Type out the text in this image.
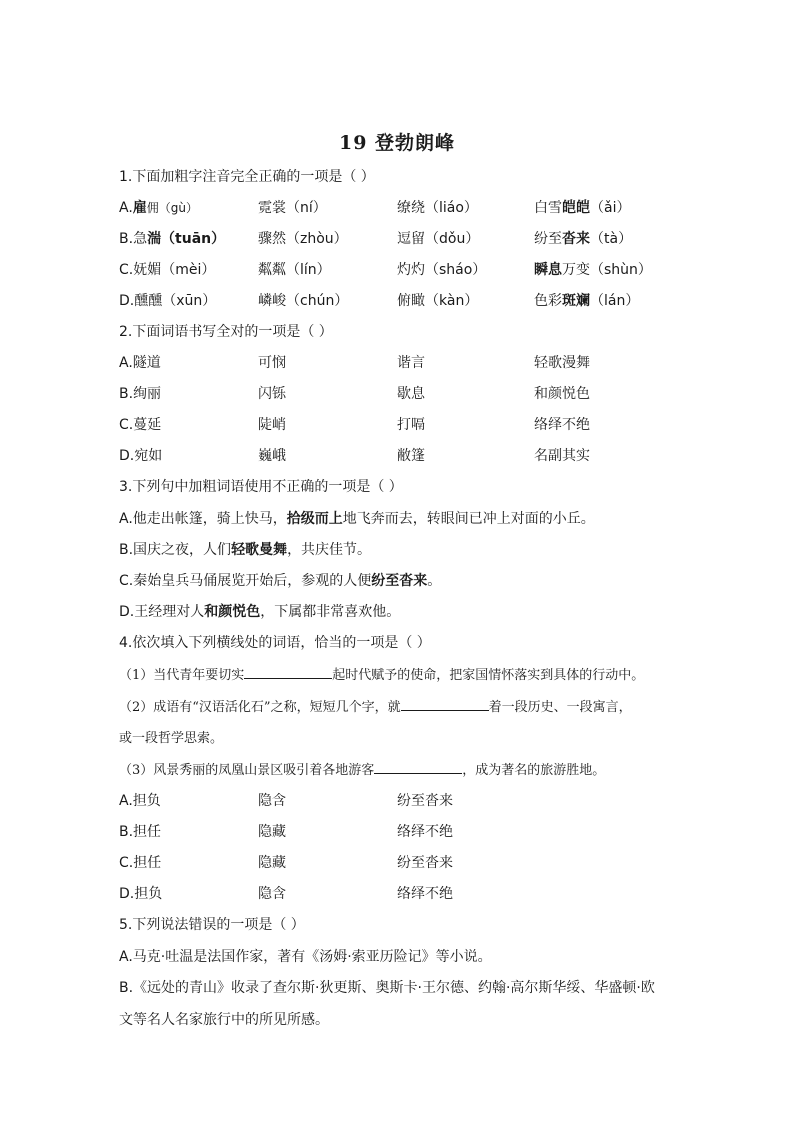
19 登勃朗峰
1.下面加粗字注音完全正确的一项是（ ）
A.雇佣（gù）	霓裳（ní）	缭绕（liáo）	白雪皑皑（ǎi）
B.急湍（tuān） 骤然（zhòu）	逗留（dǒu）	纷至沓来（tà）
C.妩媚（mèi）	粼粼（lín）	灼灼（sháo）	瞬息万变（shùn）
D.醺醺（xūn）	嶙峻（chún）	俯瞰（kàn）	色彩斑斓（lán）
2.下面词语书写全对的一项是（ ）
A.隧道	可悯	谐言	轻歌漫舞
B.绚丽	闪铄	歇息	和颜悦色
C.蔓延	陡峭	打嗝	络绎不绝
D.宛如	巍峨	敝篷	名副其实
3.下列句中加粗词语使用不正确的一项是（ ）
A.他走出帐篷，骑上快马，拾级而上地飞奔而去，转眼间已冲上对面的小丘。
B.国庆之夜，人们轻歌曼舞，共庆佳节。
C.秦始皇兵马俑展览开始后，参观的人便纷至沓来。
D.王经理对人和颜悦色，下属都非常喜欢他。
4.依次填入下列横线处的词语，恰当的一项是（ ）
（1）当代青年要切实	起时代赋予的使命，把家国情怀落实到具体的行动中。
（2）成语有“汉语活化石”之称，短短几个字，就	着一段历史、一段寓言，
或一段哲学思索。
（3）风景秀丽的凤凰山景区吸引着各地游客	，成为著名的旅游胜地。
A.担负	隐含	纷至沓来
B.担任	隐藏	络绎不绝
C.担任	隐藏	纷至沓来
D.担负	隐含	络绎不绝
5.下列说法错误的一项是（ ）
A.马克·吐温是法国作家，著有《汤姆·索亚历险记》等小说。
B.《远处的青山》收录了查尔斯·狄更斯、奥斯卡·王尔德、约翰·高尔斯华绥、华盛顿·欧
文等名人名家旅行中的所见所感。
